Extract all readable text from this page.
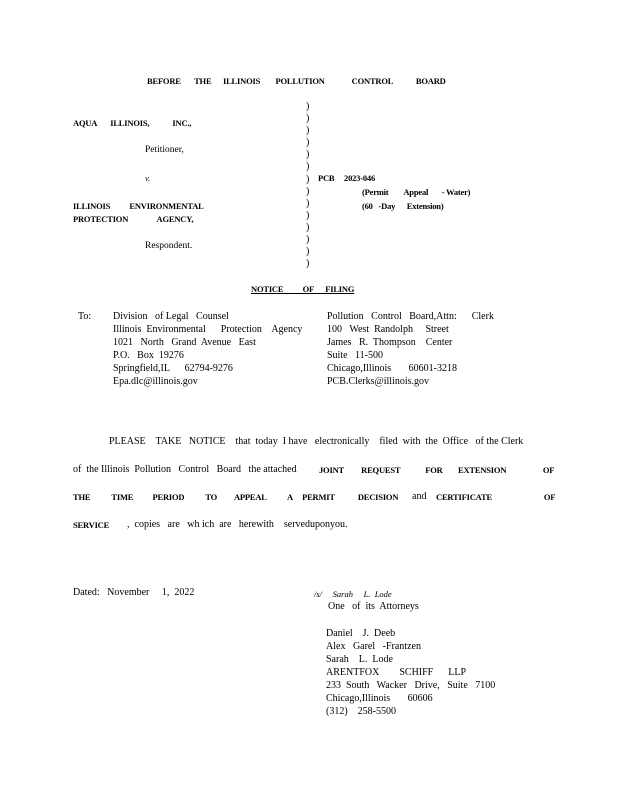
BEFORE       THE      ILLINOIS        POLLUTION              CONTROL            BOARD
AQUA       ILLINOIS,            INC.,
Petitioner,
v.
ILLINOIS          ENVIRONMENTAL
PROTECTION               AGENCY,
Respondent.
)
)
)
)
)
)
)
)
)
)
)
)
)
)
PCB     2023-046
(Permit        Appeal       - Water)
(60   -Day      Extension)
NOTICE          OF      FILING
To: Division   of Legal   Counsel
Illinois  Environmental      Protection    Agency
1021   North   Grand  Avenue   East
P.O.   Box  19276
Springfield,IL      62794-9276
Epa.dlc@illinois.gov
Pollution   Control   Board,Attn:      Clerk
100   West  Randolph     Street
James   R.  Thompson    Center
Suite   11-500
Chicago,Illinois       60601-3218
PCB.Clerks@illinois.gov
PLEASE    TAKE   NOTICE    that  today  I have   electronically    filed  with  the  Office   of the Clerk
of  the Illinois  Pollution   Control   Board   the attached	JOINT         REQUEST             FOR        EXTENSION                   OF
THE           TIME          PERIOD           TO         APPEAL           A     PERMIT            DECISION and CERTIFICATE                           OF
SERVICE ,  copies   are   wh ich  are   herewith    serveduponyou.
Dated:   November     1,  2022	/s/     Sarah     L.  Lode
One   of  its  Attorneys
Daniel    J.  Deeb
Alex   Garel   -Frantzen
Sarah    L.  Lode
ARENTFOX        SCHIFF      LLP
233  South   Wacker   Drive,   Suite   7100
Chicago,Illinois       60606
(312)    258-5500
